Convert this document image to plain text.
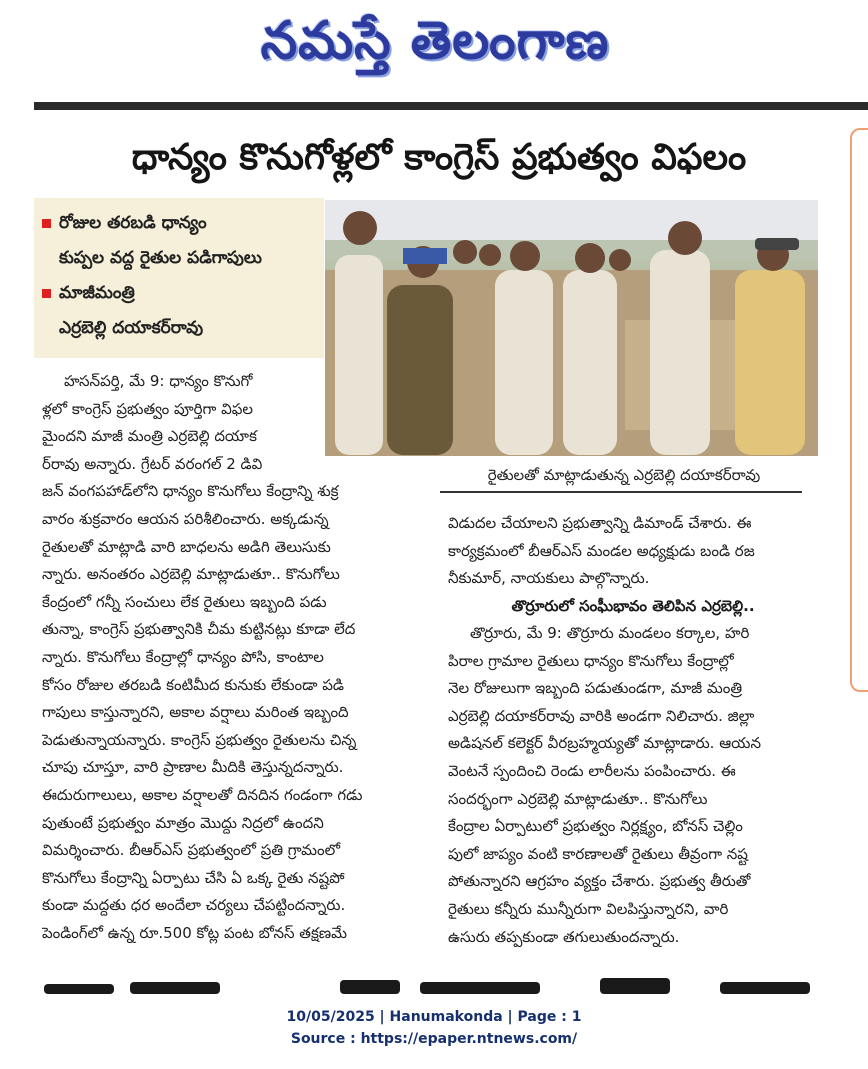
నమస్తే తెలంగాణ
ధాన్యం కొనుగోళ్లలో కాంగ్రెస్ ప్రభుత్వం విఫలం
రోజుల తరబడి ధాన్యం
కుప్పల వద్ద రైతుల పడిగాపులు
మాజీమంత్రి
ఎర్రబెల్లి దయాకర్‌రావు
రైతులతో మాట్లాడుతున్న ఎర్రబెల్లి దయాకర్‌రావు

హసన్‌పర్తి, మే 9: ధాన్యం కొనుగో

ళ్లలో కాంగ్రెస్ ప్రభుత్వం పూర్తిగా విఫల

మైందని మాజీ మంత్రి ఎర్రబెల్లి దయాక

ర్‌రావు అన్నారు. గ్రేటర్ వరంగల్ 2 డివి

జన్ వంగపహాడ్‌లోని ధాన్యం కొనుగోలు కేంద్రాన్ని శుక్ర

వారం శుక్రవారం ఆయన పరిశీలించారు. అక్కడున్న

రైతులతో మాట్లాడి వారి బాధలను అడిగి తెలుసుకు

న్నారు. అనంతరం ఎర్రబెల్లి మాట్లాడుతూ.. కొనుగోలు

కేంద్రంలో గన్నీ సంచులు లేక రైతులు ఇబ్బంది పడు

తున్నా, కాంగ్రెస్ ప్రభుత్వానికి చీమ కుట్టినట్లు కూడా లేద

న్నారు. కొనుగోలు కేంద్రాల్లో ధాన్యం పోసి, కాంటాల

కోసం రోజుల తరబడి కంటిమీద కునుకు లేకుండా పడి

గాపులు కాస్తున్నారని, అకాల వర్షాలు మరింత ఇబ్బంది

పెడుతున్నాయన్నారు. కాంగ్రెస్ ప్రభుత్వం రైతులను చిన్న

చూపు చూస్తూ, వారి ప్రాణాల మీదికి తెస్తున్నదన్నారు.

ఈదురుగాలులు, అకాల వర్షాలతో దినదిన గండంగా గడు

పుతుంటే ప్రభుత్వం మాత్రం మొద్దు నిద్రలో ఉందని

విమర్శించారు. బీఆర్‌ఎస్ ప్రభుత్వంలో ప్రతి గ్రామంలో

కొనుగోలు కేంద్రాన్ని ఏర్పాటు చేసి ఏ ఒక్క రైతు నష్టపో

కుండా మద్దతు ధర అందేలా చర్యలు చేపట్టిందన్నారు.

పెండింగ్‌లో ఉన్న రూ.500 కోట్ల పంట బోనస్ తక్షణమే

విడుదల చేయాలని ప్రభుత్వాన్ని డిమాండ్ చేశారు. ఈ

కార్యక్రమంలో బీఆర్‌ఎస్ మండల అధ్యక్షుడు బండి రజ

నీకుమార్, నాయకులు పాల్గొన్నారు.

తొర్రూరులో సంఘీభావం తెలిపిన ఎర్రబెల్లి..

తొర్రూరు, మే 9: తొర్రూరు మండలం కర్కాల, హరి

పిరాల గ్రామాల రైతులు ధాన్యం కొనుగోలు కేంద్రాల్లో

నెల రోజులుగా ఇబ్బంది పడుతుండగా, మాజీ మంత్రి

ఎర్రబెల్లి దయాకర్‌రావు వారికి అండగా నిలిచారు. జిల్లా

అడిషనల్ కలెక్టర్ వీరబ్రహ్మయ్యతో మాట్లాడారు. ఆయన

వెంటనే స్పందించి రెండు లారీలను పంపించారు. ఈ

సందర్భంగా ఎర్రబెల్లి మాట్లాడుతూ.. కొనుగోలు

కేంద్రాల ఏర్పాటులో ప్రభుత్వం నిర్లక్ష్యం, బోనస్ చెల్లిం

పులో జాప్యం వంటి కారణాలతో రైతులు తీవ్రంగా నష్ట

పోతున్నారని ఆగ్రహం వ్యక్తం చేశారు. ప్రభుత్వ తీరుతో

రైతులు కన్నీరు మున్నీరుగా విలపిస్తున్నారని, వారి

ఉసురు తప్పకుండా తగులుతుందన్నారు.

10/05/2025 | Hanumakonda | Page : 1
Source : https://epaper.ntnews.com/
